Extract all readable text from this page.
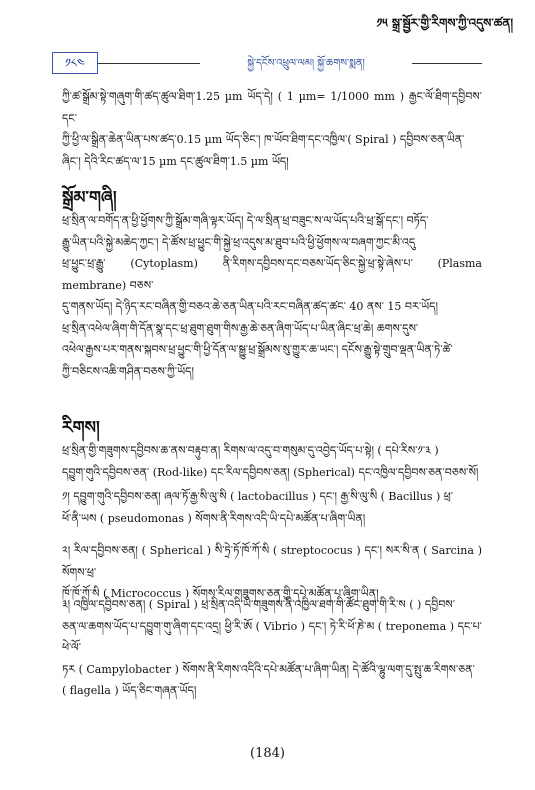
༡༥ སྒྲ་སྦྱོར་གྱི་རིགས་ཀྱི་འདུས་ཚན།
༡༨༤	སྐྱེ་དངོས་འཕྲུལ་ལམ། སྐྱོ་ཆགས་སྨན།
ཀྱི་ཚ་སྒྲོམ་སྟེ་གཞུག་གི་ཚད་ཚུལ་ཐིག་1.25 µm ཡོད་དེ། ( 1 µm= 1/1000 mm ) རྒྱང་ལོ་ཐིག་དབྱིབས་དང་
ཀྱི་ཕྱི་ལ་སྒྲིན་ཆེན་ཡིན་པས་ཚད་0.15 µm ཡོད་ཅིང་། ཁ་ཡོབ་ཐིག་དང་འཁྱིལ་( Spiral ) དབྱིབས་ཅན་ཡིན་
ཞིང་། དེའི་རིང་ཚད་ལ་15 µm དང་ཚུལ་ཐིག་1.5 µm ཡོད།
སྒྲོམ་གཞི།
ཕྲ་སྲིན་ལ་བགོད་ན་ཕྱི་ཕྱོགས་ཀྱི་སྒྲོམ་གཞི་ལྟར་ཡོད། དེ་ལ་སྲིན་ཕྲ་བཟུང་ས་ལ་ཡོད་པའི་ཕྲ་སྒོ་དང་། བཏོད་
རྒྱུ་ཡིན་པའི་སྐྱེ་མཆེད་ཀྱང་། དེ་ཚོས་ཕྲ་ཕྱུང་གི་སྐྱེ་ཕྲ་འདུས་མ་ཐུབ་པའི་ཕྱི་ཕྱོགས་ལ་བཞག་ཀྱང་མི་འདུ
ཕྲ་ཕྱུང་ཕྲ་རྒྱུ་ (Cytoplasm) ནི་རིགས་དབྱིབས་དང་བཅས་ཡོད་ཅིང་སྐྱེ་ཕྲ་སྟེ་ཞེས་པ་ (Plasma membrane) བཅས་
དུ་གནས་ཡོད། དེ་ཉིད་རང་བཞིན་གྱི་བཅའ་ཆེ་ཅན་ཡིན་པའི་རང་བཞིན་ཚད་ཚང་ 40 ནས་ 15 བར་ཡོད།
ཕྲ་སྲིན་འཕེལ་ཞིག་གི་དོན་སྣ་དང་ཕྲ་ཐུག་ཐུག་གིས་རྒྱ་ཆེ་ཅན་ཞིག་ཡོད་པ་ཡིན་ཞིང་ཕྲ་ཆེ། ཆགས་དུས་
འཕེལ་རྒྱས་པར་གནས་སྐབས་ཕྲ་ཕྱུང་གི་ཕྱི་དོན་ལ་སྒྱུ་ཕྲ་སྒྲོམས་སུ་གྱུར་ཆ་ཡང་། དངོས་རྒྱུ་སྟེ་གྲུབ་ལྡན་ཡིན་ཏེ་ཚེ་
ཀྱི་བཅིངས་འཆི་གཤིན་བཅས་ཀྱི་ཡོད།
རིགས།
ཕྲ་སྲིན་གྱི་གཟུགས་དབྱིབས་ཆ་ནས་བརྟུབ་ན། རིགས་ལ་འདུ་བ་གསུམ་དུ་འབྱེད་ཡོད་པ་སྟེ། ( དཔེ་རིས་༡་༣ )
དབྱུག་གུའི་དབྱིབས་ཅན་ (Rod-like) དང་རིལ་དབྱིབས་ཅན། (Spherical) དང་འཁྱིལ་དབྱིབས་ཅན་བཅས་སོ།
༡། དབྱུག་གུའི་དབྱིབས་ཅན། ཞལ་ཏོ་རྒྱ་སི་ལུ་སི ( lactobacillus ) དང་། རྒྱ་སི་ལུ་སི ( Bacillus ) ཕྲ་
ཕོ་ནི་ཡས ( pseudomonas ) སོགས་ནི་རིགས་འདི་ཡི་དཔེ་མཚོན་པ་ཞིག་ཡིན།
༢། རིལ་དབྱིབས་ཅན། ( Spherical ) སི་ཏྲེ་ཏོ་ཁོ་ཀོ་སི ( streptococus ) དང་། སར་སི་ན ( Sarcina ) སོགས་ཕྲ་
ཁོ་ཁོ་ཀོ་སི ( Micrococcus ) སོགས་རིལ་གཟུགས་ཅན་གྱི་དཔེ་མཚོན་པ་ཞིག་ཡིན།
༣། འཁྱིལ་དབྱིབས་ཅན། ( Spiral ) ཕྲ་སྲིན་འདི་ཡི་གཟུགས་ནི་འཁྱིལ་ཐག་གི་ཚོང་ཐུག་གི་རི་ས ( ) དབྱིབས་
ཅན་ལ་ཆགས་ཡོད་པ་དབྱུག་གུ་ཞིག་དང་འདྲ། ཕྱི་རི་ཨོ ( Vibrio ) དང་། ཏེ་རི་ཕོ་ཎེ་མ ( treponema ) དང་པ་ཕེ་ལོ་
ཏར ( Campylobacter ) སོགས་ནི་རིགས་འདིའི་དཔེ་མཚོན་པ་ཞིག་ཡིན། དེ་ཚོའི་ལྷུ་ལག་དུ་སྤུ་ཆ་རིགས་ཅན་
( flagella ) ཡོད་ཅིང་གཞན་ཡོད།
(184)
